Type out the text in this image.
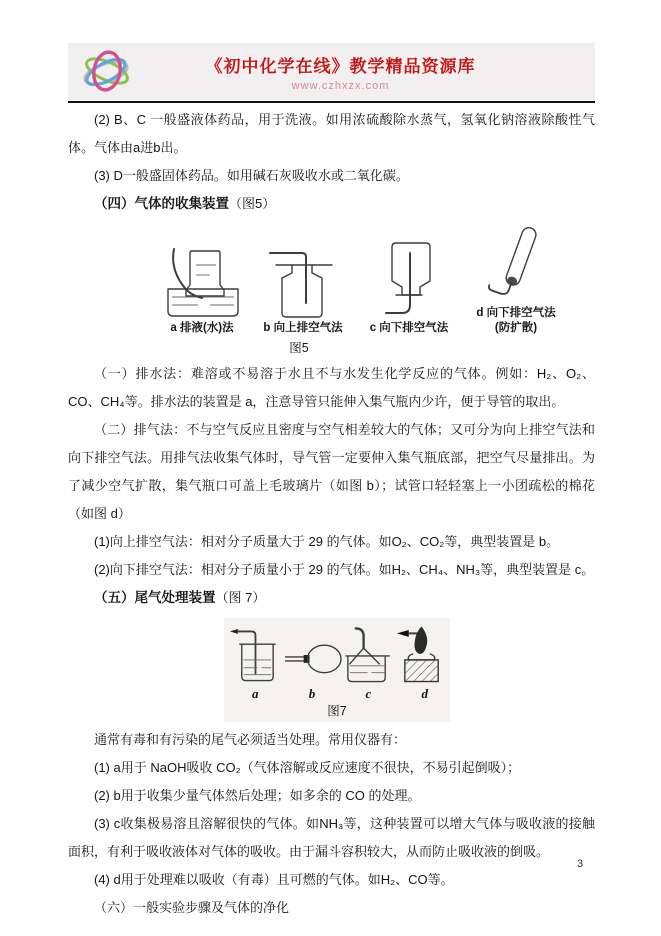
《初中化学在线》教学精品资源库
www.czhxzx.com

(2) B、C 一般盛液体药品，用于洗液。如用浓硫酸除水蒸气，氢氧化钠溶液除酸性气体。气体由a进b出。

(3) D一般盛固体药品。如用碱石灰吸收水或二氧化碳。

（四）气体的收集装置（图5）

a 排液(水)法	b 向上排空气法 c 向下排空气法
d 向下排空气法
(防扩散)
图5

（一）排水法：难溶或不易溶于水且不与水发生化学反应的气体。例如：H₂、O₂、CO、CH₄等。排水法的装置是 a，注意导管只能伸入集气瓶内少许，便于导管的取出。

（二）排气法：不与空气反应且密度与空气相差较大的气体；又可分为向上排空气法和向下排空气法。用排气法收集气体时，导气管一定要伸入集气瓶底部，把空气尽量排出。为了减少空气扩散，集气瓶口可盖上毛玻璃片（如图 b）；试管口轻轻塞上一小团疏松的棉花（如图 d）

(1)向上排空气法：相对分子质量大于 29 的气体。如O₂、CO₂等，典型装置是 b。

(2)向下排空气法：相对分子质量小于 29 的气体。如H₂、CH₄、NH₃等，典型装置是 c。

（五）尾气处理装置（图 7）

a	b	c	d
图7

通常有毒和有污染的尾气必须适当处理。常用仪器有：

(1) a用于 NaOH吸收 CO₂（气体溶解或反应速度不很快，不易引起倒吸）；

(2) b用于收集少量气体然后处理；如多余的 CO 的处理。

(3) c收集极易溶且溶解很快的气体。如NH₃等，这种装置可以增大气体与吸收液的接触面积，有利于吸收液体对气体的吸收。由于漏斗容积较大，从而防止吸收液的倒吸。

(4) d用于处理难以吸收（有毒）且可燃的气体。如H₂、CO等。

（六）一般实验步骤及气体的净化

3
